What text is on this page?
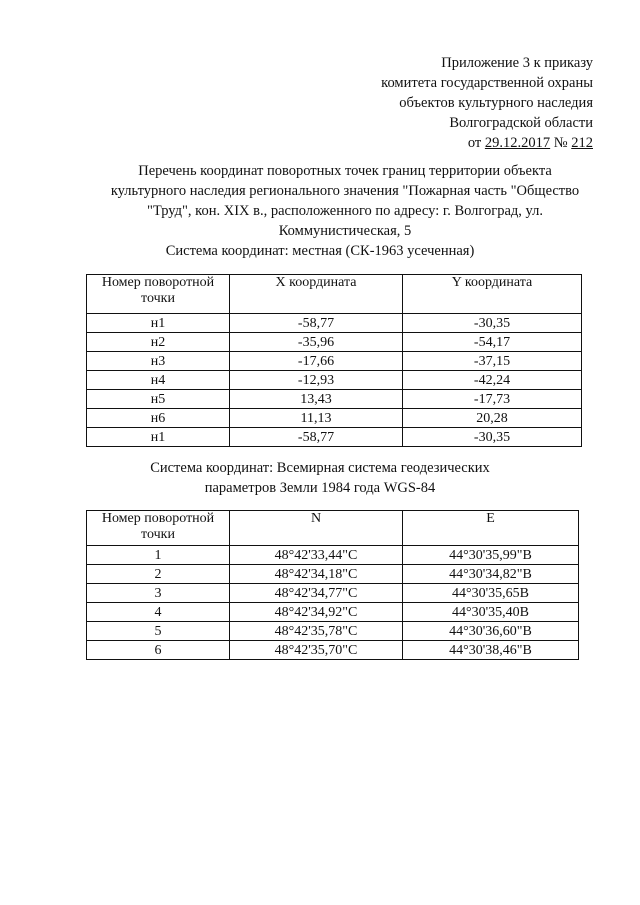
Приложение 3 к приказу
комитета государственной охраны
объектов культурного наследия
Волгоградской области
от 29.12.2017 № 212
Перечень координат поворотных точек границ территории объекта
культурного наследия регионального значения "Пожарная часть "Общество
"Труд", кон. XIX в., расположенного по адресу: г. Волгоград, ул.
Коммунистическая, 5
Система координат: местная (СК-1963 усеченная)
Номер поворотной точки	X координата	Y координата
н1	-58,77	-30,35
н2	-35,96	-54,17
н3	-17,66	-37,15
н4	-12,93	-42,24
н5	13,43	-17,73
н6	11,13	20,28
н1	-58,77	-30,35
Система координат: Всемирная система геодезических
параметров Земли 1984 года WGS-84
Номер поворотной точки	N	E
1	48°42'33,44"С	44°30'35,99"В
2	48°42'34,18"С	44°30'34,82"В
3	48°42'34,77"С	44°30'35,65В
4	48°42'34,92"С	44°30'35,40В
5	48°42'35,78"С	44°30'36,60"В
6	48°42'35,70"С	44°30'38,46"В
